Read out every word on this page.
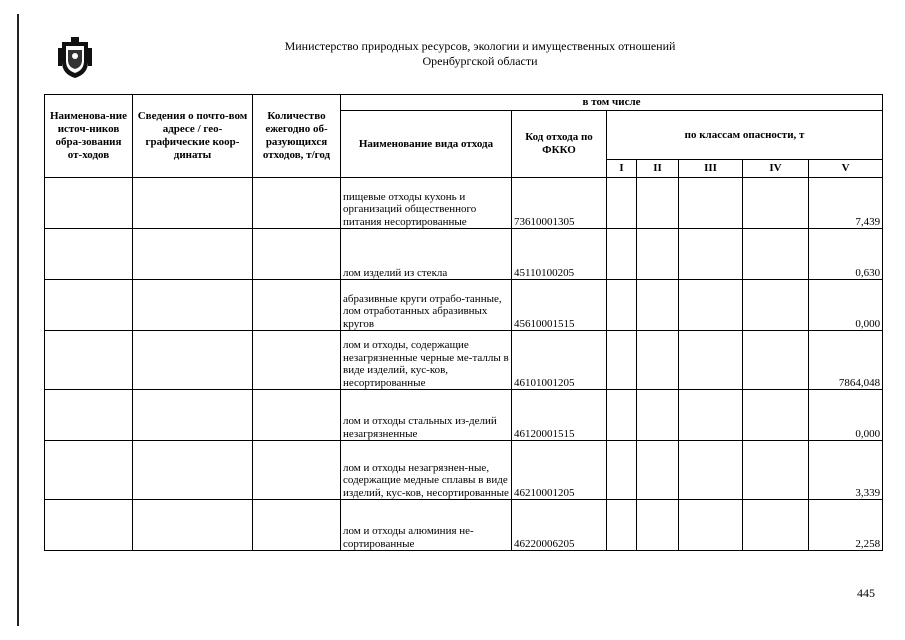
Министерство природных ресурсов, экологии и имущественных отношений
Оренбургской области
Наименова-ние источ-ников обра-зования от-ходов	Сведения о почто-вом адресе / гео-графические коор-динаты	Количество ежегодно об-разующихся отходов, т/год	в том числе						
			Наименование вида отхода	Код отхода по ФККО	по классам опасности, т				
					I	II	III	IV	V
			пищевые отходы кухонь и организаций общественного питания несортированные	73610001305					7,439
			лом изделий из стекла	45110100205					0,630
			абразивные круги отрабо-танные, лом отработанных абразивных кругов	45610001515					0,000
			лом и отходы, содержащие незагрязненные черные ме-таллы в виде изделий, кус-ков, несортированные	46101001205					7864,048
			лом и отходы стальных из-делий незагрязненные	46120001515					0,000
			лом и отходы незагрязнен-ные, содержащие медные сплавы в виде изделий, кус-ков, несортированные	46210001205					3,339
			лом и отходы алюминия не-сортированные	46220006205					2,258
445
